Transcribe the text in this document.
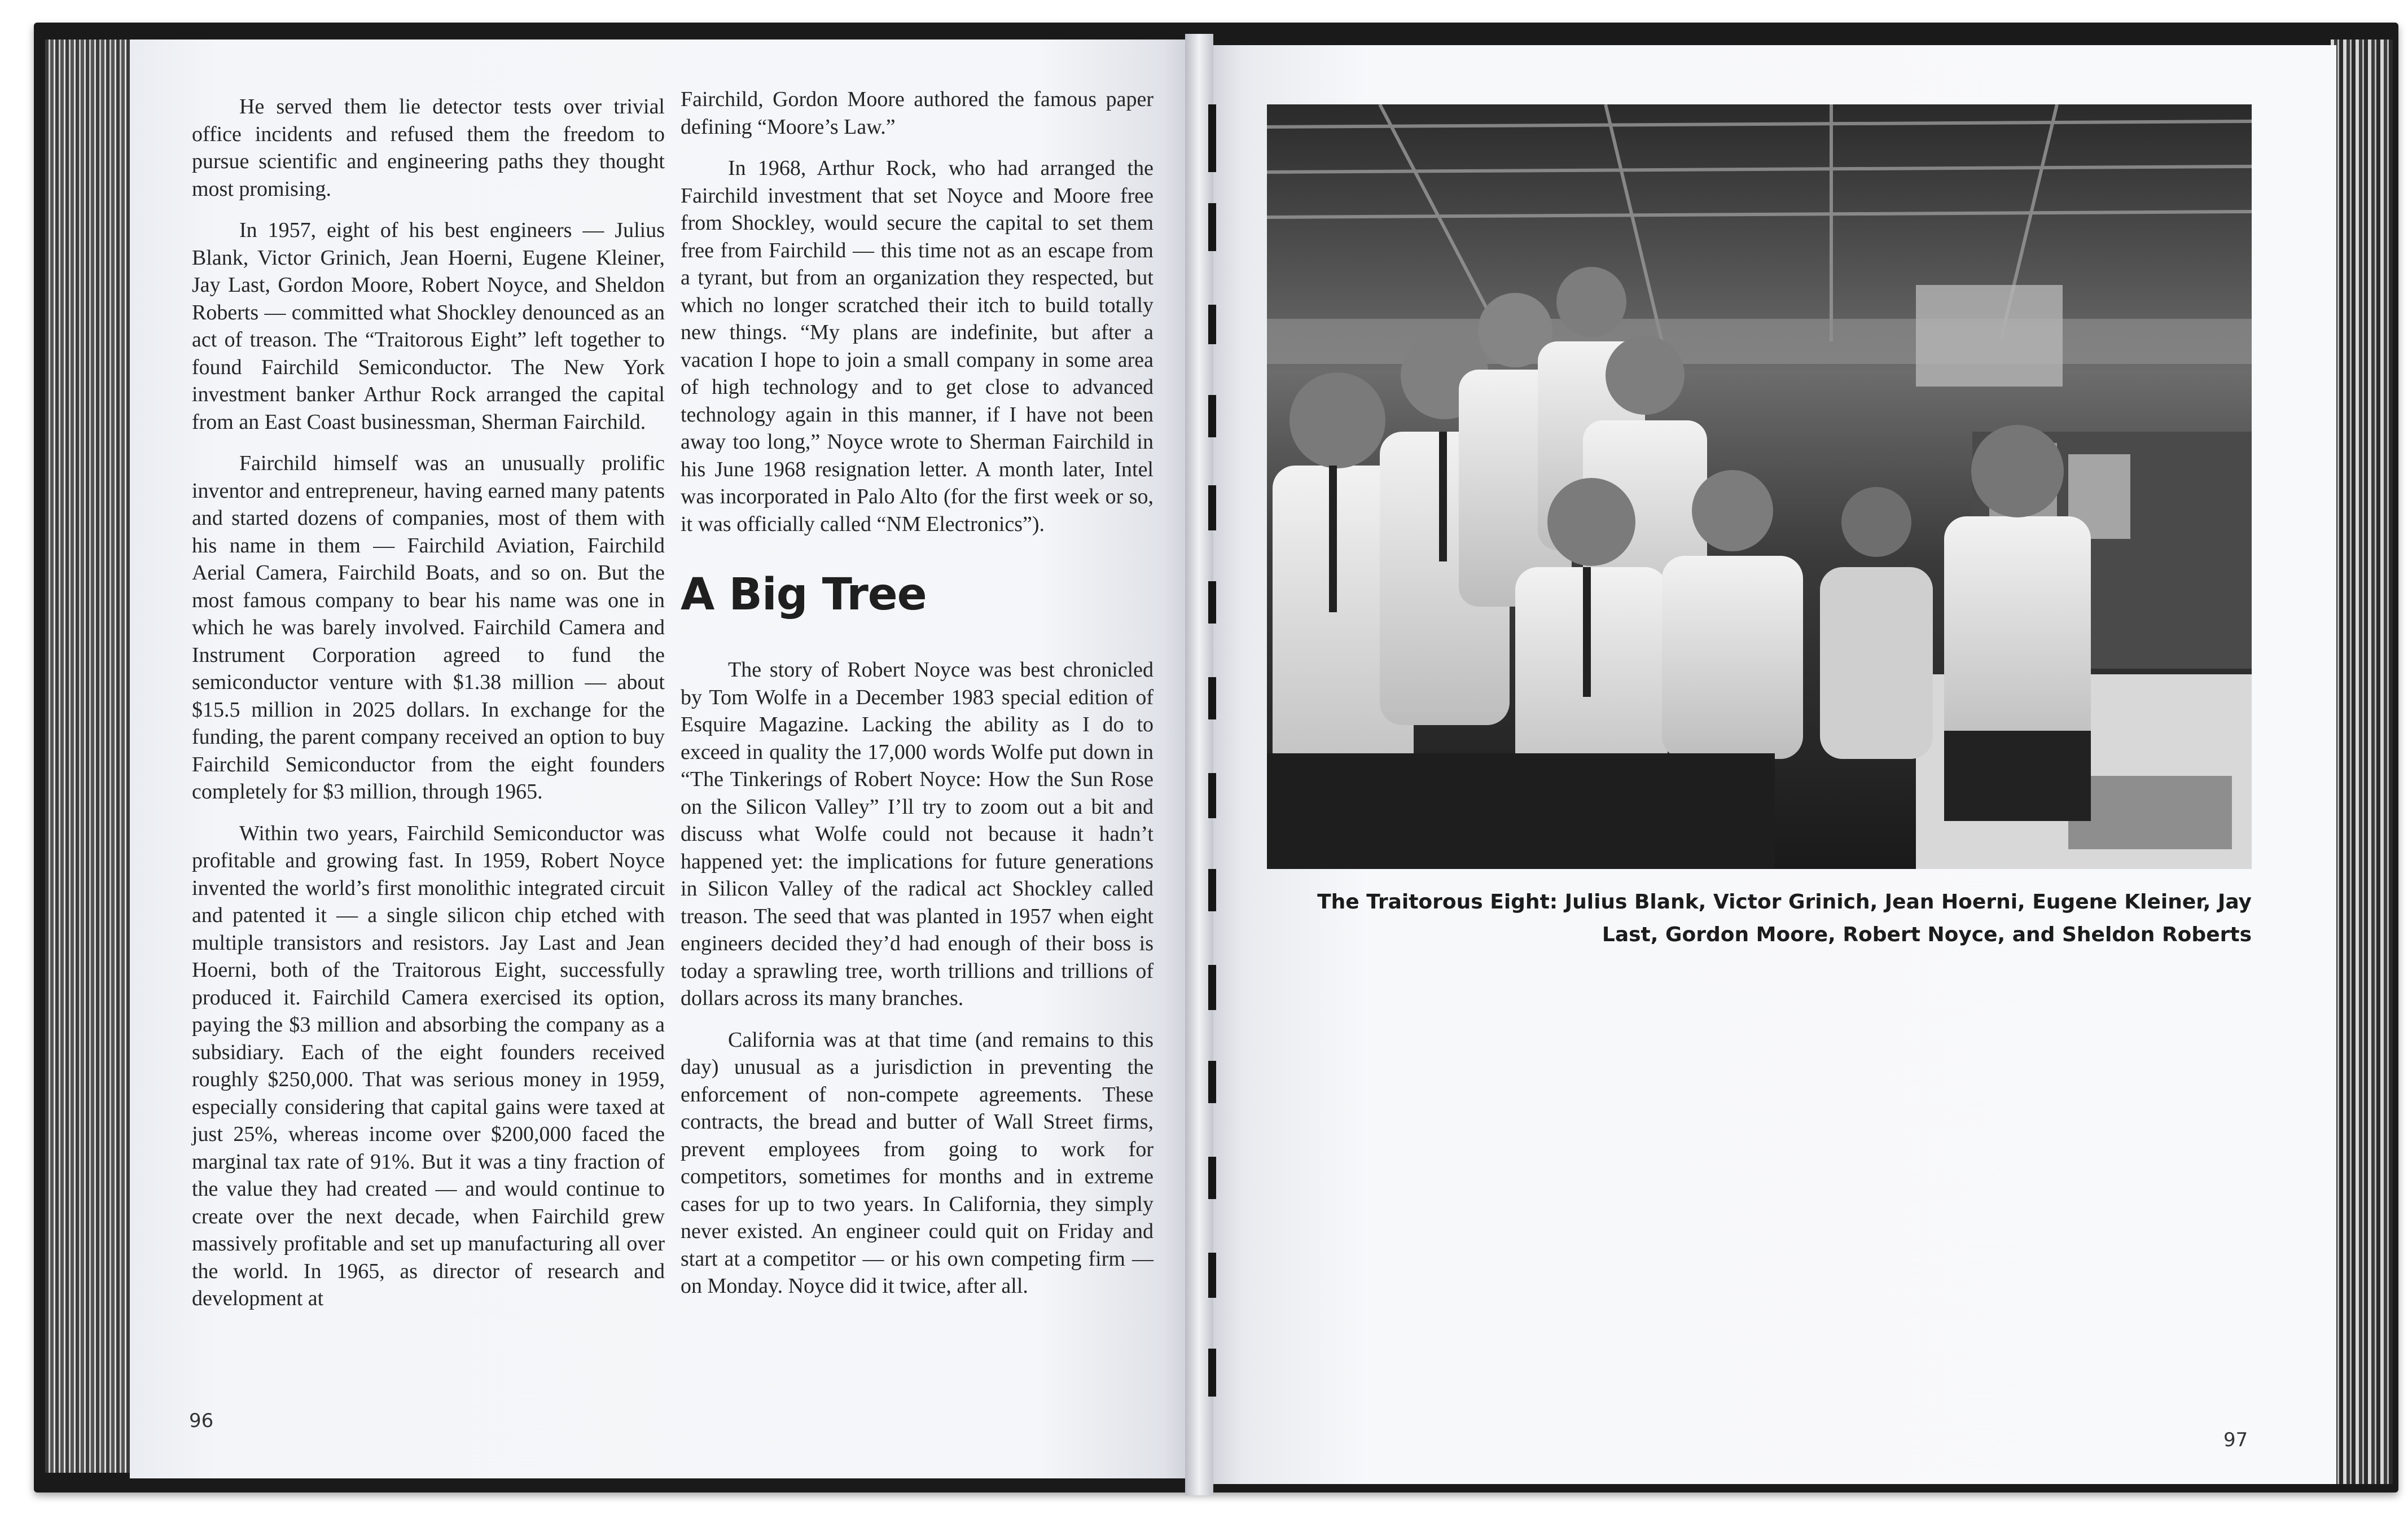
He served them lie detector tests over trivial office incidents and refused them the freedom to pursue scientific and engineering paths they thought most promising.

In 1957, eight of his best engineers — Julius Blank, Victor Grinich, Jean Hoerni, Eugene Kleiner, Jay Last, Gordon Moore, Robert Noyce, and Sheldon Roberts — committed what Shockley denounced as an act of treason. The “Traitorous Eight” left together to found Fairchild Semiconductor. The New York investment banker Arthur Rock arranged the capital from an East Coast businessman, Sherman Fairchild.

Fairchild himself was an unusually prolific inventor and entrepreneur, having earned many patents and started dozens of companies, most of them with his name in them — Fairchild Aviation, Fairchild Aerial Camera, Fairchild Boats, and so on. But the most famous company to bear his name was one in which he was barely involved. Fairchild Camera and Instrument Corporation agreed to fund the semiconductor venture with $1.38 million — about $15.5 million in 2025 dollars. In exchange for the funding, the parent company received an option to buy Fairchild Semiconductor from the eight founders completely for $3 million, through 1965.

Within two years, Fairchild Semiconductor was profitable and growing fast. In 1959, Robert Noyce invented the world’s first monolithic integrated circuit and patented it — a single silicon chip etched with multiple transistors and resistors. Jay Last and Jean Hoerni, both of the Traitorous Eight, successfully produced it. Fairchild Camera exercised its option, paying the $3 million and absorbing the company as a subsidiary. Each of the eight founders received roughly $250,000. That was serious money in 1959, especially considering that capital gains were taxed at just 25%, whereas income over $200,000 faced the marginal tax rate of 91%. But it was a tiny fraction of the value they had created — and would continue to create over the next decade, when Fairchild grew massively profitable and set up manufacturing all over the world. In 1965, as director of research and development at

Fairchild, Gordon Moore authored the famous paper defining “Moore’s Law.”

In 1968, Arthur Rock, who had arranged the Fairchild investment that set Noyce and Moore free from Shockley, would secure the capital to set them free from Fairchild — this time not as an escape from a tyrant, but from an organization they respected, but which no longer scratched their itch to build totally new things. “My plans are indefinite, but after a vacation I hope to join a small company in some area of high technology and to get close to advanced technology again in this manner, if I have not been away too long,” Noyce wrote to Sherman Fairchild in his June 1968 resignation letter. A month later, Intel was incorporated in Palo Alto (for the first week or so, it was officially called “NM Electronics”).

A Big Tree

The story of Robert Noyce was best chronicled by Tom Wolfe in a December 1983 special edition of Esquire Magazine. Lacking the ability as I do to exceed in quality the 17,000 words Wolfe put down in “The Tinkerings of Robert Noyce: How the Sun Rose on the Silicon Valley” I’ll try to zoom out a bit and discuss what Wolfe could not because it hadn’t happened yet: the implications for future generations in Silicon Valley of the radical act Shockley called treason. The seed that was planted in 1957 when eight engineers decided they’d had enough of their boss is today a sprawling tree, worth trillions and trillions of dollars across its many branches.

California was at that time (and remains to this day) unusual as a jurisdiction in preventing the enforcement of non-compete agreements. These contracts, the bread and butter of Wall Street firms, prevent employees from going to work for competitors, sometimes for months and in extreme cases for up to two years. In California, they simply never existed. An engineer could quit on Friday and start at a competitor — or his own competing firm — on Monday. Noyce did it twice, after all.

96
The Traitorous Eight: Julius Blank, Victor Grinich, Jean Hoerni, Eugene Kleiner, Jay Last, Gordon Moore, Robert Noyce, and Sheldon Roberts
97
